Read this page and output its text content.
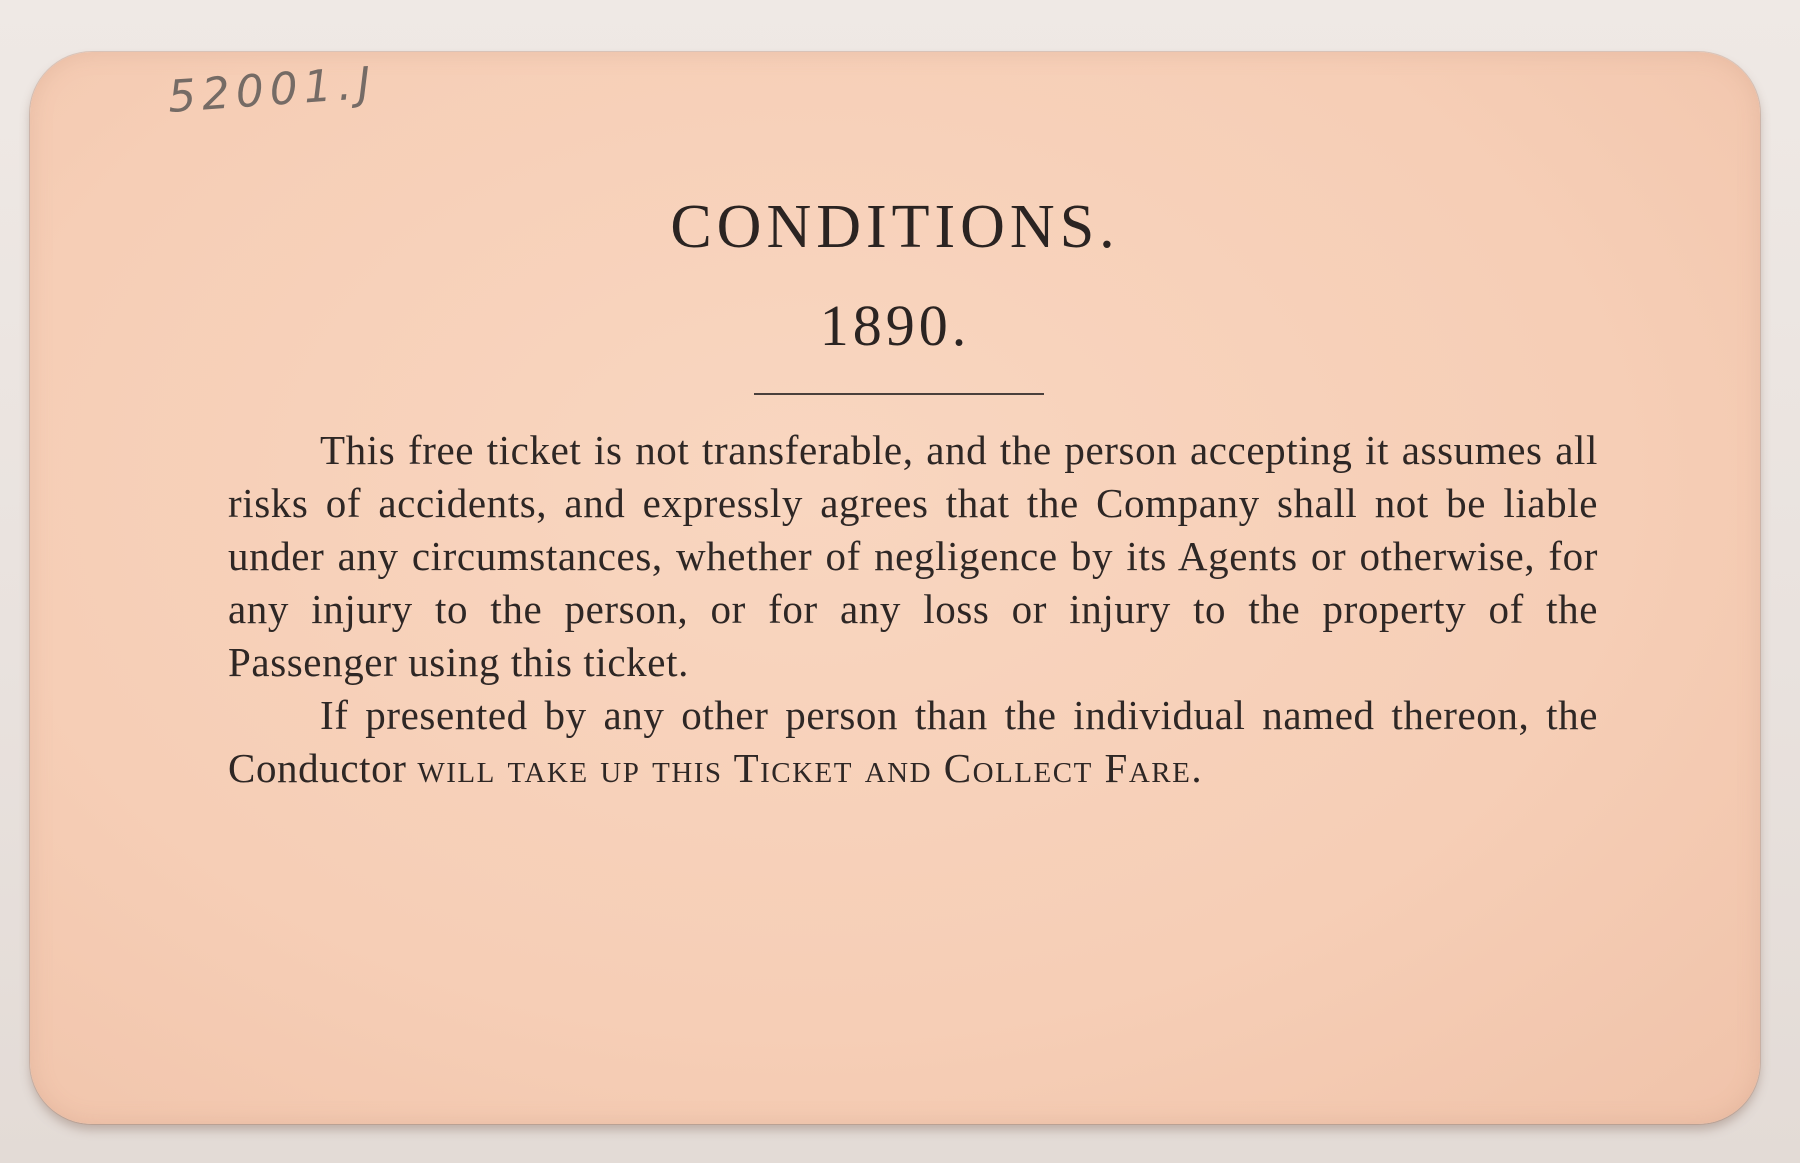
52001.J
CONDITIONS.
1890.

This free ticket is not transferable, and the person accepting it assumes all risks of accidents, and expressly agrees that the Company shall not be liable under any circumstances, whether of negligence by its Agents or otherwise, for any injury to the person, or for any loss or injury to the property of the Passenger using this ticket.

If presented by any other person than the individual named thereon, the Conductor will take up this Ticket and Collect Fare.
